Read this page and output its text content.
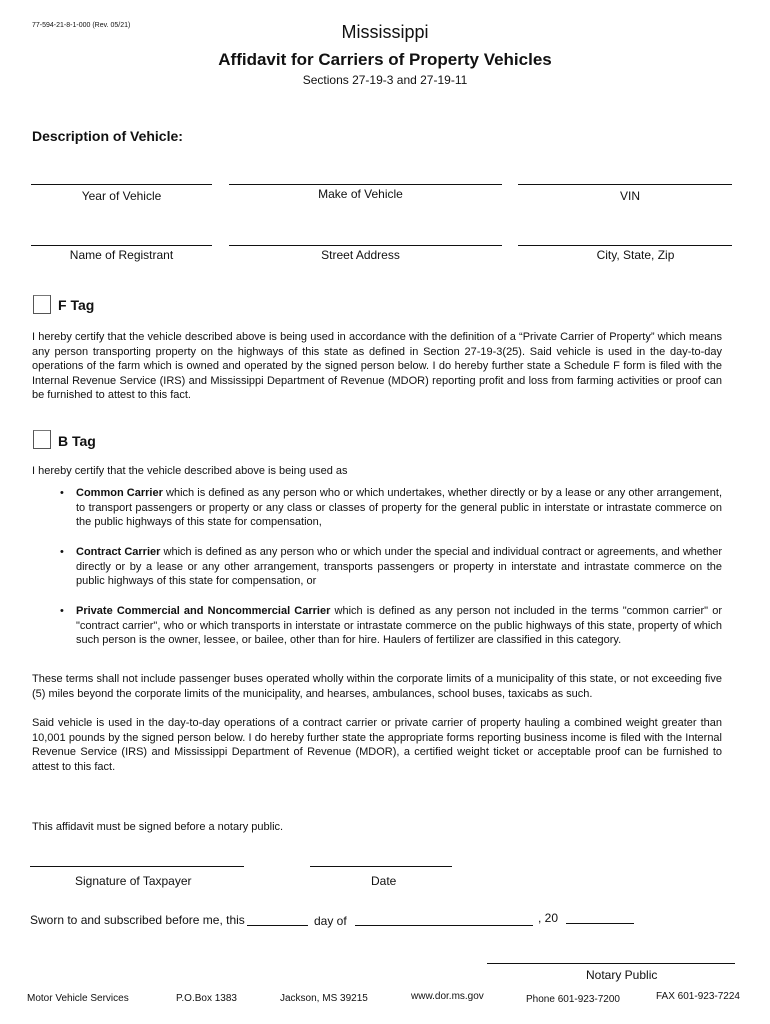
77-594-21-8-1-000 (Rev. 05/21)	Mississippi
Affidavit for Carriers of Property Vehicles
Sections 27-19-3 and 27-19-11
Description of Vehicle:
Year of Vehicle	Make of Vehicle	VIN
Name of Registrant	Street Address	City, State, Zip
F Tag
I hereby certify that the vehicle described above is being used in accordance with the definition of a “Private Carrier of Property” which means any person transporting property on the highways of this state as defined in Section 27-19-3(25). Said vehicle is used in the day-to-day operations of the farm which is owned and operated by the signed person below. I do hereby further state a Schedule F form is filed with the Internal Revenue Service (IRS) and Mississippi Department of Revenue (MDOR) reporting profit and loss from farming activities or proof can be furnished to attest to this fact.
B Tag
I hereby certify that the vehicle described above is being used as
• Common Carrier which is defined as any person who or which undertakes, whether directly or by a lease or any other arrangement, to transport passengers or property or any class or classes of property for the general public in interstate or intrastate commerce on the public highways of this state for compensation,
• Contract Carrier which is defined as any person who or which under the special and individual contract or agreements, and whether directly or by a lease or any other arrangement, transports passengers or property in interstate and intrastate commerce on the public highways of this state for compensation, or
• Private Commercial and Noncommercial Carrier which is defined as any person not included in the terms "common carrier" or "contract carrier", who or which transports in interstate or intrastate commerce on the public highways of this state, property of which such person is the owner, lessee, or bailee, other than for hire. Haulers of fertilizer are classified in this category.
These terms shall not include passenger buses operated wholly within the corporate limits of a municipality of this state, or not exceeding five (5) miles beyond the corporate limits of the municipality, and hearses, ambulances, school buses, taxicabs as such.
Said vehicle is used in the day-to-day operations of a contract carrier or private carrier of property hauling a combined weight greater than 10,001 pounds by the signed person below. I do hereby further state the appropriate forms reporting business income is filed with the Internal Revenue Service (IRS) and Mississippi Department of Revenue (MDOR), a certified weight ticket or acceptable proof can be furnished to attest to this fact.
This affidavit must be signed before a notary public.
Signature of Taxpayer	Date
Sworn to and subscribed before me, this	day of	, 20
Notary Public
Motor Vehicle Services	P.O.Box 1383	Jackson, MS 39215	www.dor.ms.gov	Phone 601-923-7200	FAX 601-923-7224
